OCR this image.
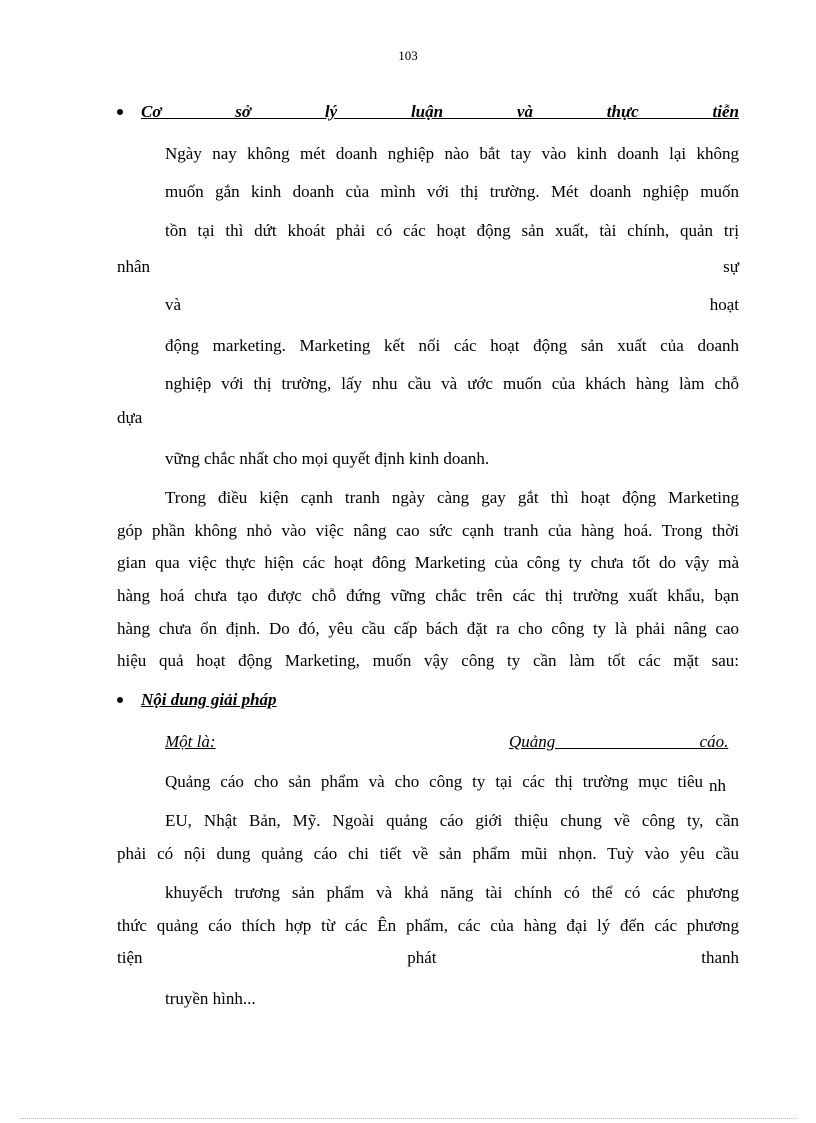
103
Cơ sở lý luận và thực tiễn
Ngày nay không mét doanh nghiệp nào bắt tay vào kinh doanh lại không
muốn gắn kinh doanh của mình với thị trường. Mét doanh nghiệp muốn
tồn tại thì dứt khoát phải có các hoạt động sản xuất, tài chính, quản trị
nhân sự
và hoạt
động marketing. Marketing kết nối các hoạt động sản xuất của doanh
nghiệp với thị trường, lấy nhu cầu và ước muốn của khách hàng làm chỗ
dựa
vững chắc nhất cho mọi quyết định kinh doanh.
Trong điều kiện cạnh tranh ngày càng gay gắt thì hoạt động Marketing
góp phần không nhỏ vào việc nâng cao sức cạnh tranh của hàng hoá. Trong thời
gian qua việc thực hiện các hoạt đông Marketing của công ty chưa tốt do vậy mà
hàng hoá chưa tạo được chỗ đứng vững chắc trên các thị trường xuất khẩu, bạn
hàng chưa ổn định. Do đó, yêu cầu cấp bách đặt ra cho công ty là phải nâng cao
hiệu quả hoạt động Marketing, muốn vậy công ty cần làm tốt các mặt sau:
Nội dung giải pháp
Một là:	Quảng cáo.
Quảng cáo cho sản phẩm và cho công ty tại các thị trường mục tiêu nh
EU, Nhật Bản, Mỹ. Ngoài quảng cáo giới thiệu chung về công ty, cần
phải có nội dung quảng cáo chi tiết về sản phẩm mũi nhọn. Tuỳ vào yêu cầu
khuyếch trương sản phẩm và khả năng tài chính có thể có các phương
thức quảng cáo thích hợp từ các Ên phẩm, các của hàng đại lý đến các phương
tiện phát thanh
truyền hình...
